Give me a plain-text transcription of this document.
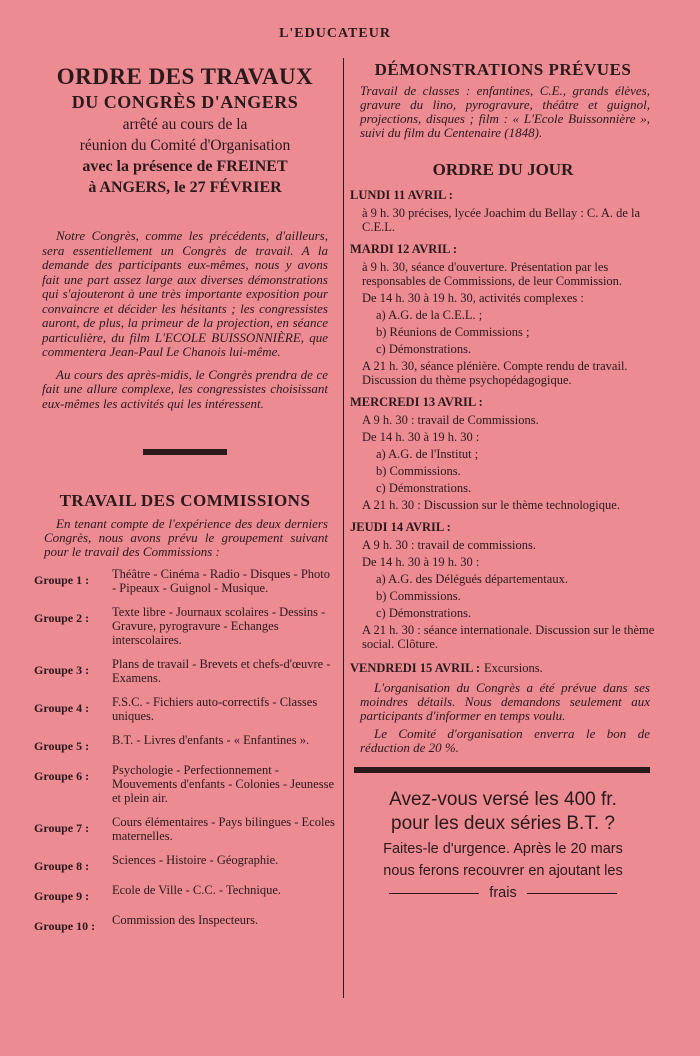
L'EDUCATEUR
ORDRE DES TRAVAUX
DU CONGRÈS D'ANGERS
arrêté au cours de la
réunion du Comité d'Organisation
avec la présence de FREINET
à ANGERS, le 27 FÉVRIER

Notre Congrès, comme les précédents, d'ailleurs, sera essentiellement un Congrès de travail. A la demande des participants eux-mêmes, nous y avons fait une part assez large aux diverses démonstrations qui s'ajouteront à une très importante exposition pour convaincre et décider les hésitants ; les congressistes auront, de plus, la primeur de la projection, en séance particulière, du film L'ECOLE BUISSONNIÈRE, que commentera Jean-Paul Le Chanois lui-même.

Au cours des après-midis, le Congrès prendra de ce fait une allure complexe, les congressistes choisissant eux-mêmes les activités qui les intéressent.

TRAVAIL DES COMMISSIONS
En tenant compte de l'expérience des deux derniers Congrès, nous avons prévu le groupement suivant pour le travail des Commissions :
Groupe 1 :	Théâtre - Cinéma - Radio - Disques - Photo - Pipeaux - Guignol - Musique.
Groupe 2 :	Texte libre - Journaux scolaires - Dessins - Gravure, pyrogravure - Echanges interscolaires.
Groupe 3 :	Plans de travail - Brevets et chefs-d'œuvre - Examens.
Groupe 4 :	F.S.C. - Fichiers auto-correctifs - Classes uniques.
Groupe 5 :	B.T. - Livres d'enfants - « Enfantines ».
Groupe 6 :	Psychologie - Perfectionnement - Mouvements d'enfants - Colonies - Jeunesse et plein air.
Groupe 7 :	Cours élémentaires - Pays bilingues - Ecoles maternelles.
Groupe 8 :	Sciences - Histoire - Géographie.
Groupe 9 :	Ecole de Ville - C.C. - Technique.
Groupe 10 :	Commission des Inspecteurs.
DÉMONSTRATIONS PRÉVUES
Travail de classes : enfantines, C.E., grands élèves, gravure du lino, pyrogravure, théâtre et guignol, projections, disques ; film : « L'Ecole Buissonnière », suivi du film du Centenaire (1848).
ORDRE DU JOUR
LUNDI 11 AVRIL :
à 9 h. 30 précises, lycée Joachim du Bellay : C. A. de la C.E.L.
MARDI 12 AVRIL :
à 9 h. 30, séance d'ouverture. Présentation par les responsables de Commissions, de leur Commission.
De 14 h. 30 à 19 h. 30, activités complexes :
a) A.G. de la C.E.L. ;
b) Réunions de Commissions ;
c) Démonstrations.
A 21 h. 30, séance plénière. Compte rendu de travail. Discussion du thème psychopédagogique.
MERCREDI 13 AVRIL :
A 9 h. 30 : travail de Commissions.
De 14 h. 30 à 19 h. 30 :
a) A.G. de l'Institut ;
b) Commissions.
c) Démonstrations.
A 21 h. 30 : Discussion sur le thème technologique.
JEUDI 14 AVRIL :
A 9 h. 30 : travail de commissions.
De 14 h. 30 à 19 h. 30 :
a) A.G. des Délégués départementaux.
b) Commissions.
c) Démonstrations.
A 21 h. 30 : séance internationale. Discussion sur le thème social. Clôture.
VENDREDI 15 AVRIL : Excursions.

L'organisation du Congrès a été prévue dans ses moindres détails. Nous demandons seulement aux participants d'informer en temps voulu.

Le Comité d'organisation enverra le bon de réduction de 20 %.

Avez-vous versé les 400 fr.
pour les deux séries B.T. ?
Faites-le d'urgence. Après le 20 mars
nous ferons recouvrer en ajoutant les
frais
